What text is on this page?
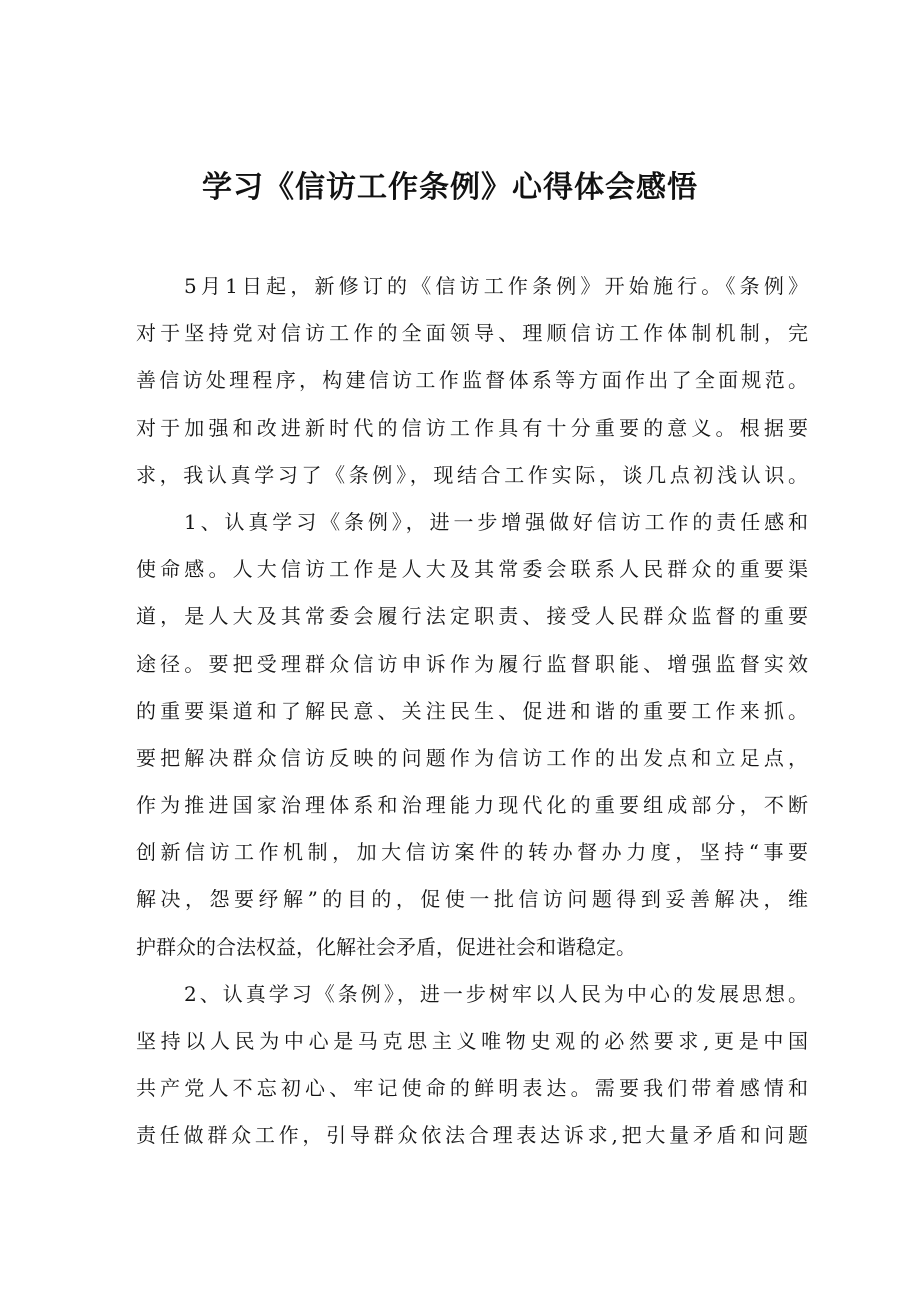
学习《信访工作条例》心得体会感悟
5月1日起，新修订的《信访工作条例》开始施行。《条例》
对于坚持党对信访工作的全面领导、理顺信访工作体制机制，完
善信访处理程序，构建信访工作监督体系等方面作出了全面规范。
对于加强和改进新时代的信访工作具有十分重要的意义。根据要
求，我认真学习了《条例》，现结合工作实际，谈几点初浅认识。
1、认真学习《条例》，进一步增强做好信访工作的责任感和
使命感。人大信访工作是人大及其常委会联系人民群众的重要渠
道，是人大及其常委会履行法定职责、接受人民群众监督的重要
途径。要把受理群众信访申诉作为履行监督职能、增强监督实效
的重要渠道和了解民意、关注民生、促进和谐的重要工作来抓。
要把解决群众信访反映的问题作为信访工作的出发点和立足点，
作为推进国家治理体系和治理能力现代化的重要组成部分，不断
创新信访工作机制，加大信访案件的转办督办力度，坚持“事要
解决，怨要纾解”的目的，促使一批信访问题得到妥善解决，维
护群众的合法权益，化解社会矛盾，促进社会和谐稳定。
2、认真学习《条例》，进一步树牢以人民为中心的发展思想。
坚持以人民为中心是马克思主义唯物史观的必然要求,更是中国
共产党人不忘初心、牢记使命的鲜明表达。需要我们带着感情和
责任做群众工作，引导群众依法合理表达诉求,把大量矛盾和问题
